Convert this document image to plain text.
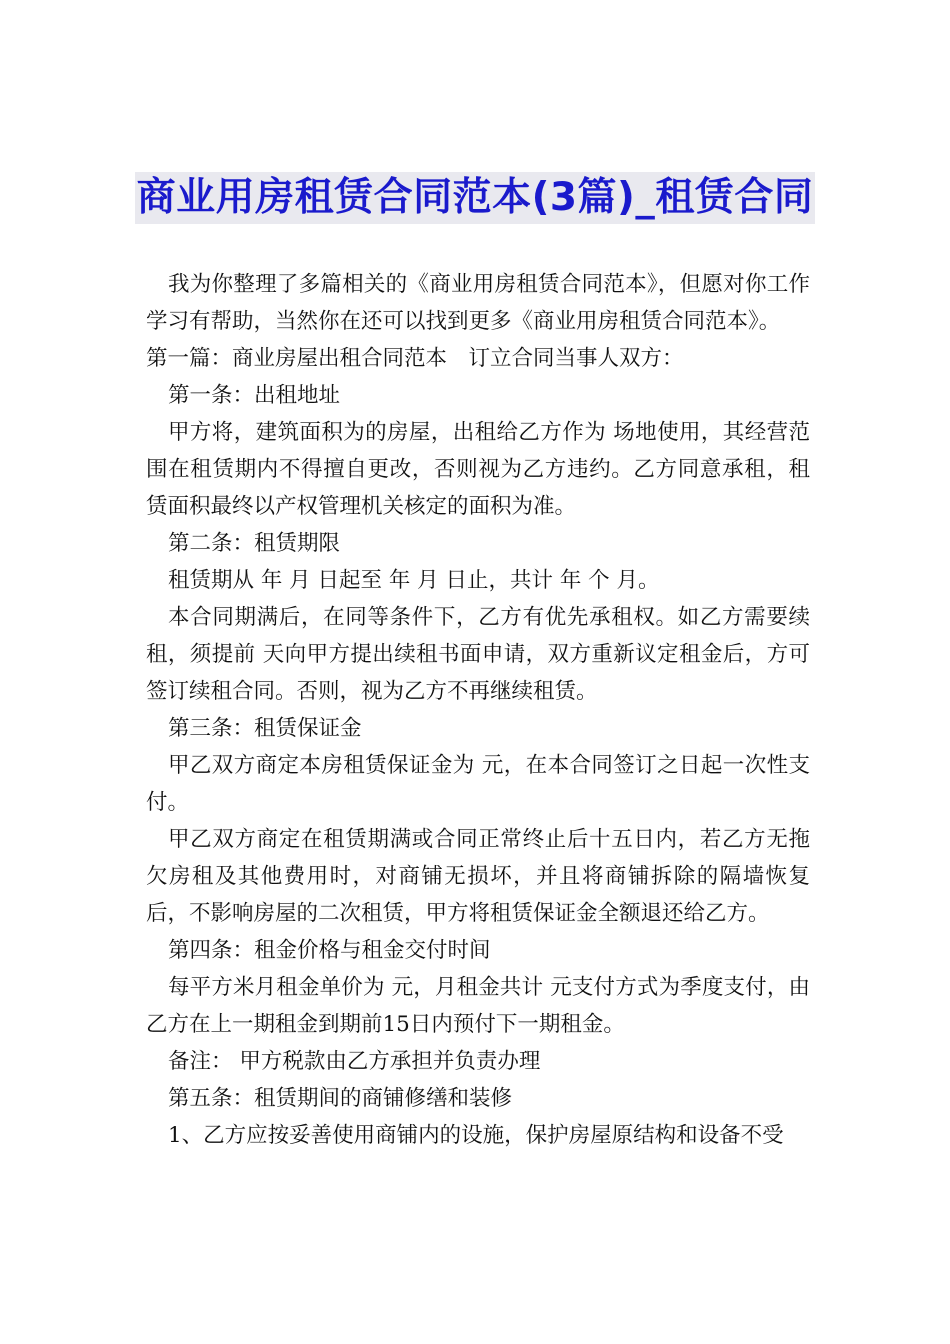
商业用房租赁合同范本(3篇)_租赁合同

我为你整理了多篇相关的《商业用房租赁合同范本》，但愿对你工作学习有帮助，当然你在还可以找到更多《商业用房租赁合同范本》。

第一篇：商业房屋出租合同范本　订立合同当事人双方：

第一条：出租地址

甲方将，建筑面积为的房屋，出租给乙方作为 场地使用，其经营范围在租赁期内不得擅自更改，否则视为乙方违约。乙方同意承租，租赁面积最终以产权管理机关核定的面积为准。

第二条：租赁期限

租赁期从 年 月 日起至 年 月 日止，共计 年 个 月。

本合同期满后，在同等条件下，乙方有优先承租权。如乙方需要续租，须提前 天向甲方提出续租书面申请，双方重新议定租金后，方可签订续租合同。否则，视为乙方不再继续租赁。

第三条：租赁保证金

甲乙双方商定本房租赁保证金为 元，在本合同签订之日起一次性支付。

甲乙双方商定在租赁期满或合同正常终止后十五日内，若乙方无拖欠房租及其他费用时，对商铺无损坏，并且将商铺拆除的隔墙恢复后，不影响房屋的二次租赁，甲方将租赁保证金全额退还给乙方。

第四条：租金价格与租金交付时间

每平方米月租金单价为 元，月租金共计 元支付方式为季度支付，由乙方在上一期租金到期前15日内预付下一期租金。

备注： 甲方税款由乙方承担并负责办理

第五条：租赁期间的商铺修缮和装修

1、乙方应按妥善使用商铺内的设施，保护房屋原结构和设备不受
